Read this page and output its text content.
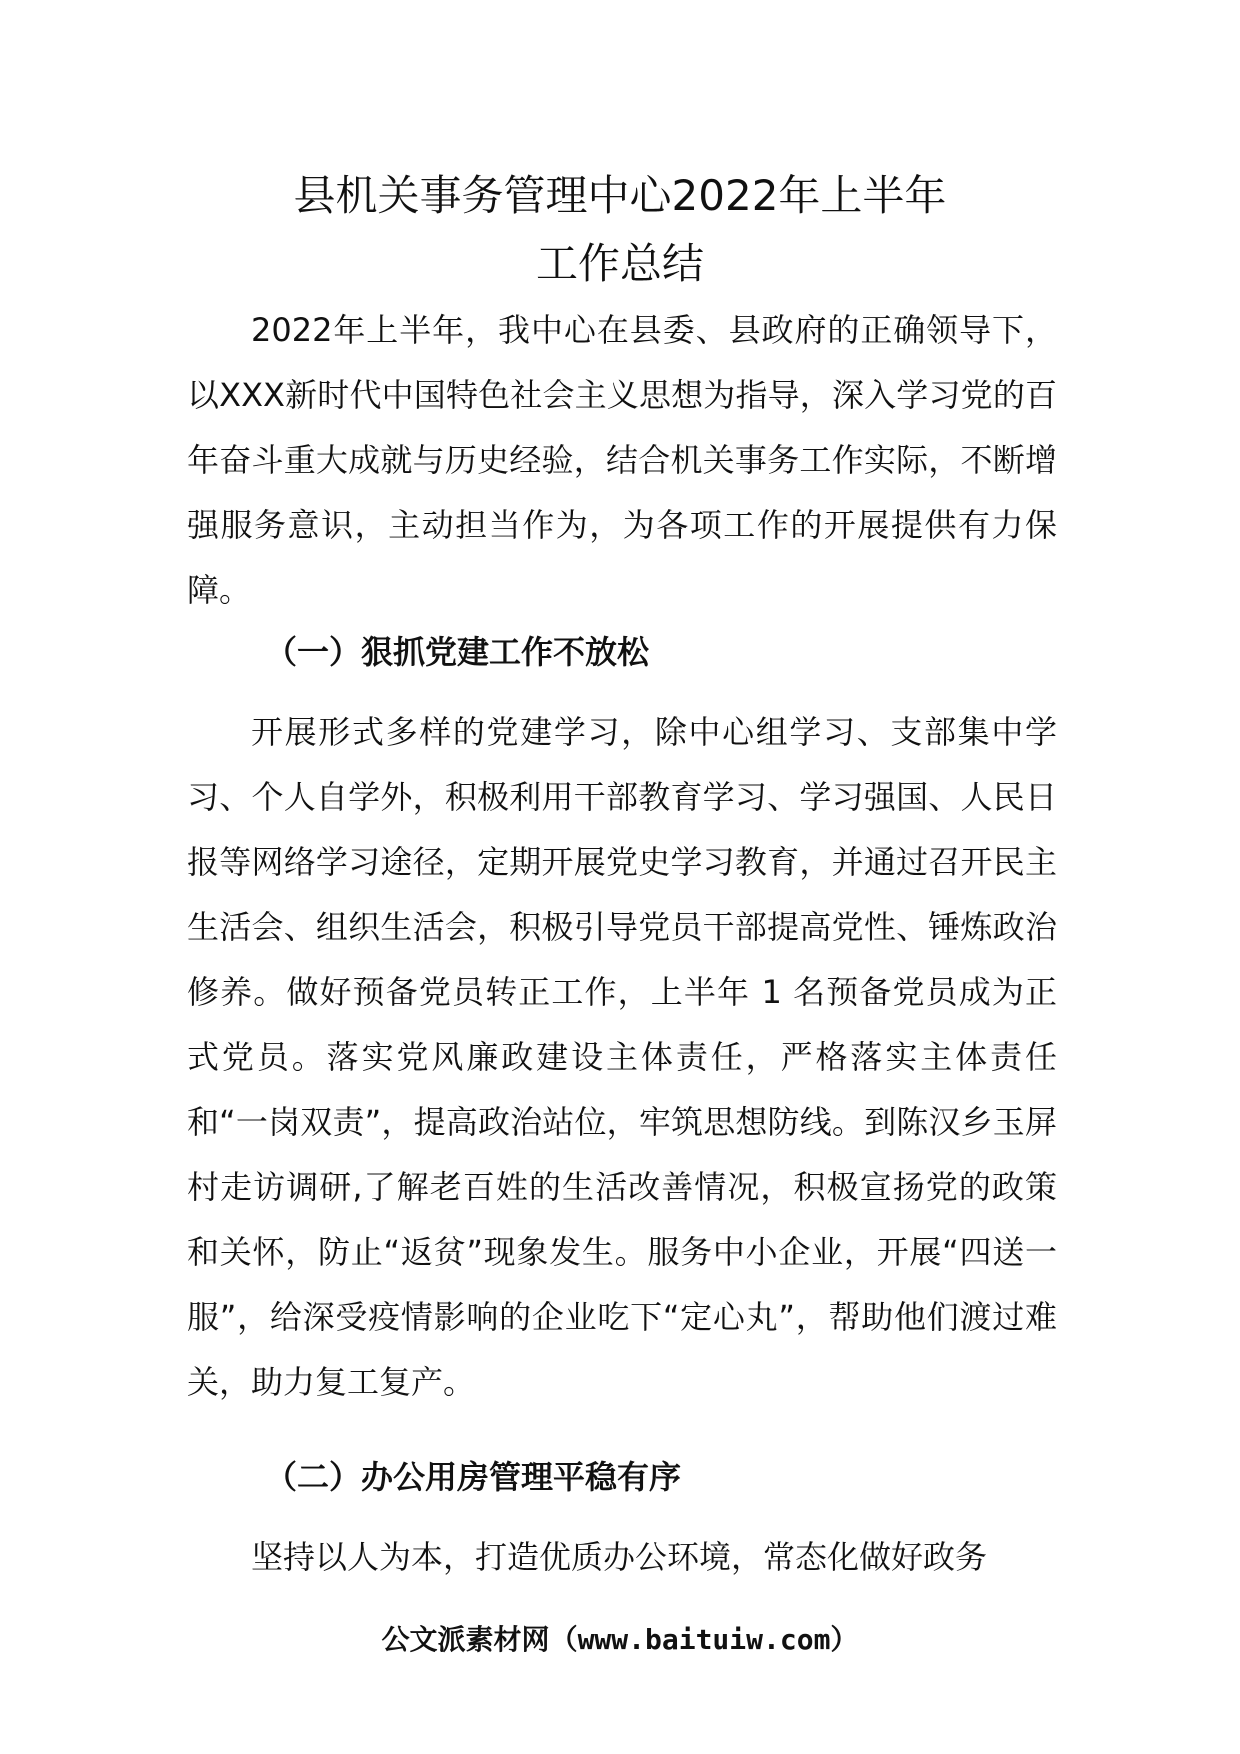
县机关事务管理中心2022年上半年
工作总结

2022年上半年，我中心在县委、县政府的正确领导下，以XXX新时代中国特色社会主义思想为指导，深入学习党的百年奋斗重大成就与历史经验，结合机关事务工作实际，不断增强服务意识，主动担当作为，为各项工作的开展提供有力保障。

（一）狠抓党建工作不放松

开展形式多样的党建学习，除中心组学习、支部集中学习、个人自学外，积极利用干部教育学习、学习强国、人民日报等网络学习途径，定期开展党史学习教育，并通过召开民主生活会、组织生活会，积极引导党员干部提高党性、锤炼政治修养。做好预备党员转正工作，上半年 1 名预备党员成为正式党员。落实党风廉政建设主体责任，严格落实主体责任和“一岗双责”，提高政治站位，牢筑思想防线。到陈汉乡玉屏村走访调研,了解老百姓的生活改善情况，积极宣扬党的政策和关怀，防止“返贫”现象发生。服务中小企业，开展“四送一服”，给深受疫情影响的企业吃下“定心丸”，帮助他们渡过难关，助力复工复产。

（二）办公用房管理平稳有序

坚持以人为本，打造优质办公环境，常态化做好政务

公文派素材网（www.baituiw.com）
